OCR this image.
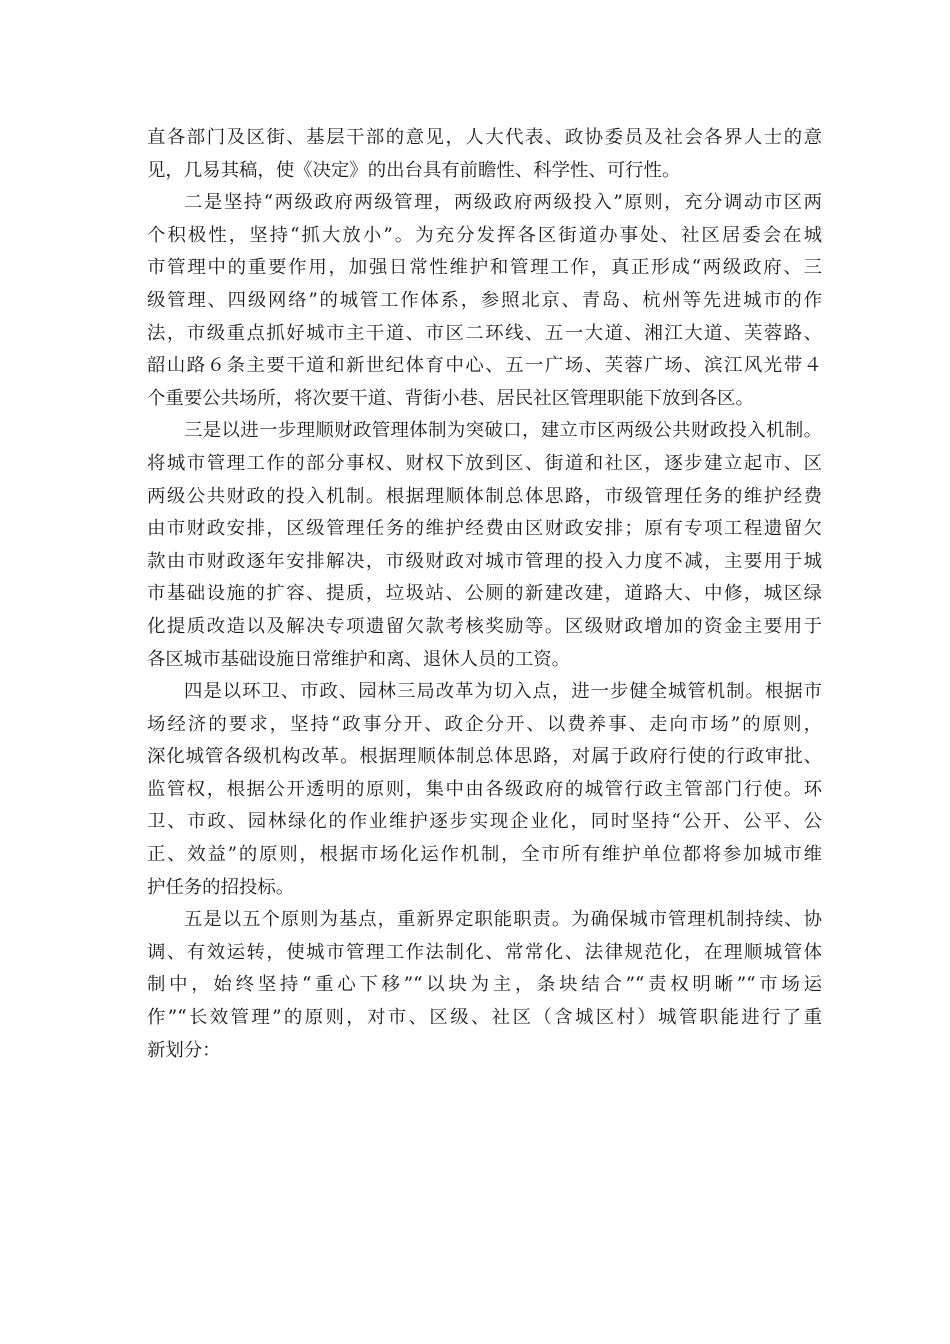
直各部门及区街、基层干部的意见，人大代表、政协委员及社会各界人士的意
见，几易其稿，使《决定》的出台具有前瞻性、科学性、可行性。
二是坚持“两级政府两级管理，两级政府两级投入”原则，充分调动市区两
个积极性，坚持“抓大放小”。为充分发挥各区街道办事处、社区居委会在城
市管理中的重要作用，加强日常性维护和管理工作，真正形成“两级政府、三
级管理、四级网络”的城管工作体系，参照北京、青岛、杭州等先进城市的作
法，市级重点抓好城市主干道、市区二环线、五一大道、湘江大道、芙蓉路、
韶山路６条主要干道和新世纪体育中心、五一广场、芙蓉广场、滨江风光带４
个重要公共场所，将次要干道、背街小巷、居民社区管理职能下放到各区。
三是以进一步理顺财政管理体制为突破口，建立市区两级公共财政投入机制。
将城市管理工作的部分事权、财权下放到区、街道和社区，逐步建立起市、区
两级公共财政的投入机制。根据理顺体制总体思路，市级管理任务的维护经费
由市财政安排，区级管理任务的维护经费由区财政安排；原有专项工程遗留欠
款由市财政逐年安排解决，市级财政对城市管理的投入力度不减，主要用于城
市基础设施的扩容、提质，垃圾站、公厕的新建改建，道路大、中修，城区绿
化提质改造以及解决专项遗留欠款考核奖励等。区级财政增加的资金主要用于
各区城市基础设施日常维护和离、退休人员的工资。
四是以环卫、市政、园林三局改革为切入点，进一步健全城管机制。根据市
场经济的要求，坚持“政事分开、政企分开、以费养事、走向市场”的原则，
深化城管各级机构改革。根据理顺体制总体思路，对属于政府行使的行政审批、
监管权，根据公开透明的原则，集中由各级政府的城管行政主管部门行使。环
卫、市政、园林绿化的作业维护逐步实现企业化，同时坚持“公开、公平、公
正、效益”的原则，根据市场化运作机制，全市所有维护单位都将参加城市维
护任务的招投标。
五是以五个原则为基点，重新界定职能职责。为确保城市管理机制持续、协
调、有效运转，使城市管理工作法制化、常常化、法律规范化，在理顺城管体
制中，始终坚持“重心下移”“以块为主，条块结合”“责权明晰”“市场运
作”“长效管理”的原则，对市、区级、社区（含城区村）城管职能进行了重
新划分：
